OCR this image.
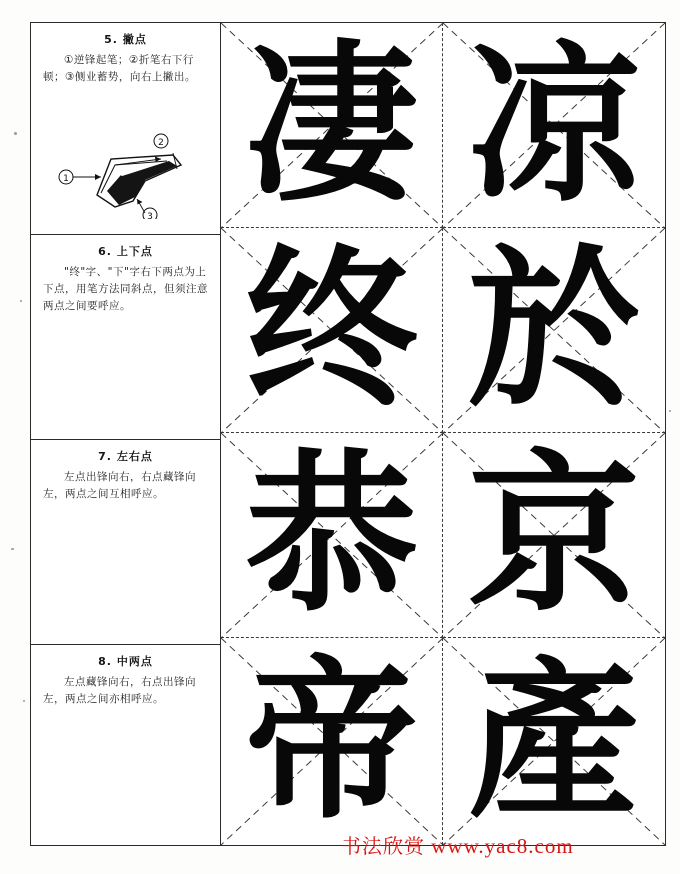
5. 撇点
①逆锋起笔；②折笔右下行顿；③侧业蓄势，向右上撇出。
1
2
3
6. 上下点
"终"字、"下"字右下两点为上下点，用笔方法同斜点，但须注意两点之间要呼应。
7. 左右点
左点出锋向右，右点藏锋向左，两点之间互相呼应。
8. 中两点
左点藏锋向右，右点出锋向左，两点之间亦相呼应。
凄 凉
终 於
恭 京
帝 產
书法欣赏 www.yac8.com
